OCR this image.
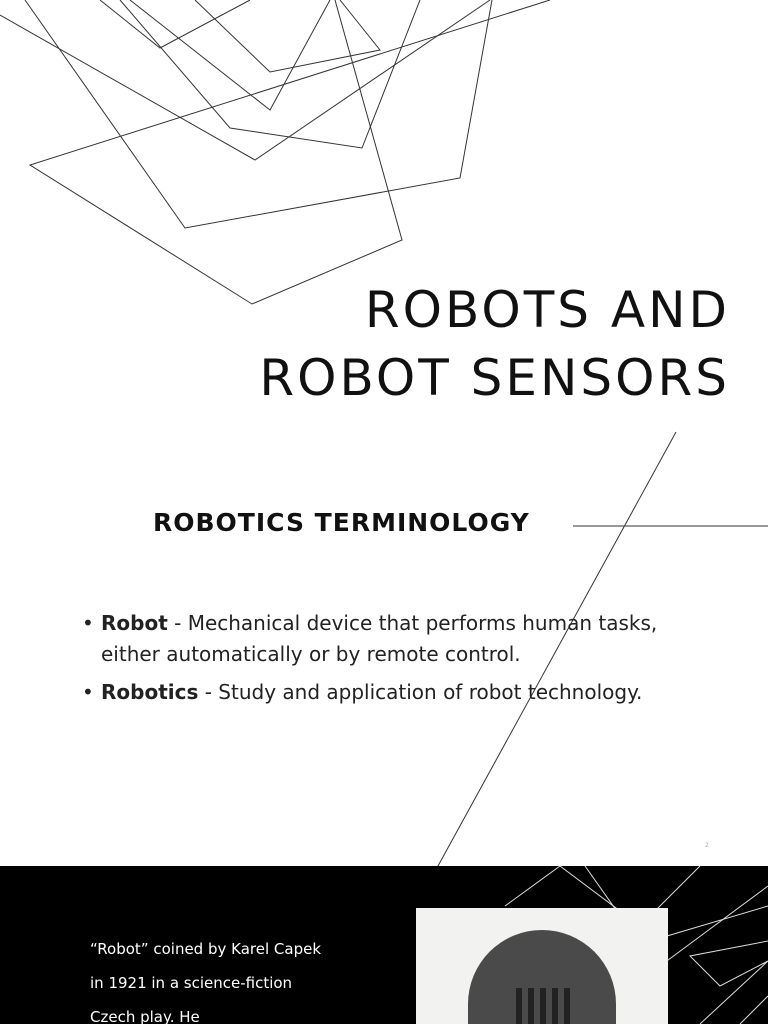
ROBOTS AND
ROBOT SENSORS
ROBOTICS TERMINOLOGY
• Robot - Mechanical device that performs human tasks, either automatically or by remote control.
• Robotics - Study and application of robot technology.
2

“Robot” coined by Karel Capek in 1921 in a science-fiction Czech play. He
